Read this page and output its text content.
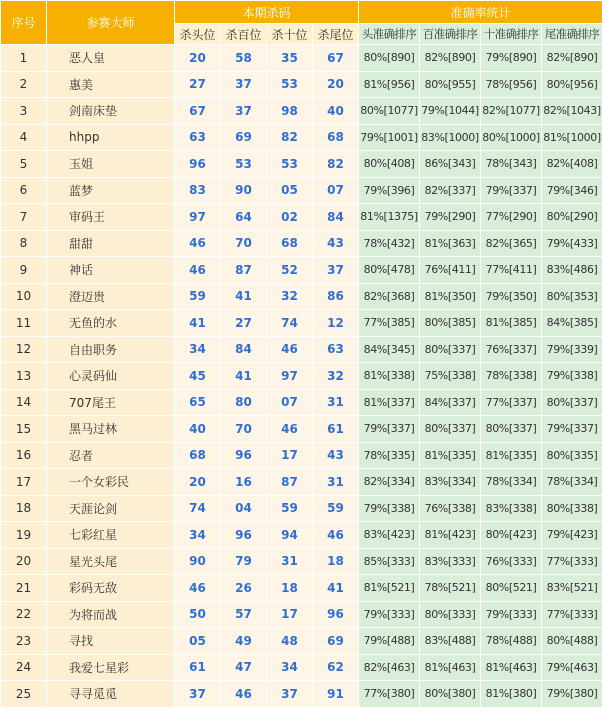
序号	参赛大师	本期杀码				准确率统计			
		杀头位	杀百位	杀十位	杀尾位	头准确排序	百准确排序	十准确排序	尾准确排序
1	恶人皇	20	58	35	67	80%[890]	82%[890]	79%[890]	82%[890]
2	惠美	27	37	53	20	81%[956]	80%[955]	78%[956]	80%[956]
3	剑南床垫	67	37	98	40	80%[1077]	79%[1044]	82%[1077]	82%[1043]
4	hhpp	63	69	82	68	79%[1001]	83%[1000]	80%[1000]	81%[1000]
5	玉姐	96	53	53	82	80%[408]	86%[343]	78%[343]	82%[408]
6	蓝梦	83	90	05	07	79%[396]	82%[337]	79%[337]	79%[346]
7	审码王	97	64	02	84	81%[1375]	79%[290]	77%[290]	80%[290]
8	甜甜	46	70	68	43	78%[432]	81%[363]	82%[365]	79%[433]
9	神话	46	87	52	37	80%[478]	76%[411]	77%[411]	83%[486]
10	澄迈贵	59	41	32	86	82%[368]	81%[350]	79%[350]	80%[353]
11	无鱼的水	41	27	74	12	77%[385]	80%[385]	81%[385]	84%[385]
12	自由职务	34	84	46	63	84%[345]	80%[337]	76%[337]	79%[339]
13	心灵码仙	45	41	97	32	81%[338]	75%[338]	78%[338]	79%[338]
14	707尾王	65	80	07	31	81%[337]	84%[337]	77%[337]	80%[337]
15	黑马过林	40	70	46	61	79%[337]	80%[337]	80%[337]	79%[337]
16	忍者	68	96	17	43	78%[335]	81%[335]	81%[335]	80%[335]
17	一个女彩民	20	16	87	31	82%[334]	83%[334]	78%[334]	78%[334]
18	天涯论剑	74	04	59	59	79%[338]	76%[338]	83%[338]	80%[338]
19	七彩红星	34	96	94	46	83%[423]	81%[423]	80%[423]	79%[423]
20	星光头尾	90	79	31	18	85%[333]	83%[333]	76%[333]	77%[333]
21	彩码无敌	46	26	18	41	81%[521]	78%[521]	80%[521]	83%[521]
22	为将而战	50	57	17	96	79%[333]	80%[333]	79%[333]	77%[333]
23	寻找	05	49	48	69	79%[488]	83%[488]	78%[488]	80%[488]
24	我爱七星彩	61	47	34	62	82%[463]	81%[463]	81%[463]	79%[463]
25	寻寻觅觅	37	46	37	91	77%[380]	80%[380]	81%[380]	79%[380]
